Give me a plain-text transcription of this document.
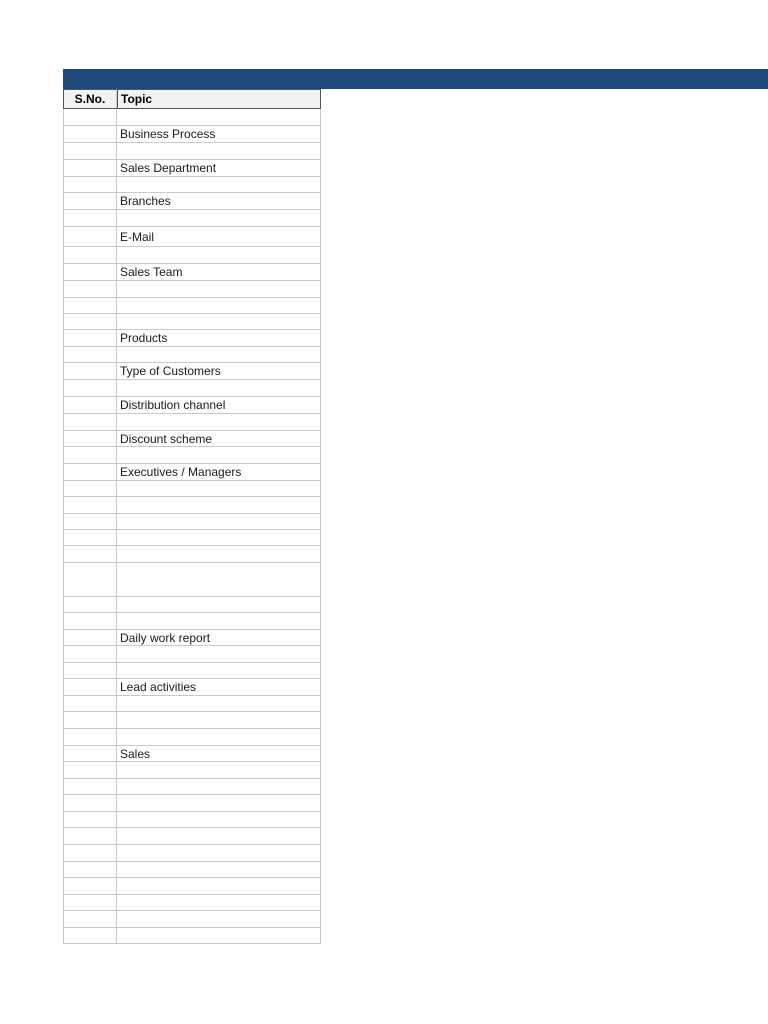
S.No.	Topic
Business Process
Sales Department
Branches
E-Mail
Sales Team
Products
Type of Customers
Distribution channel
Discount scheme
Executives / Managers
Daily work report
Lead activities
Sales
